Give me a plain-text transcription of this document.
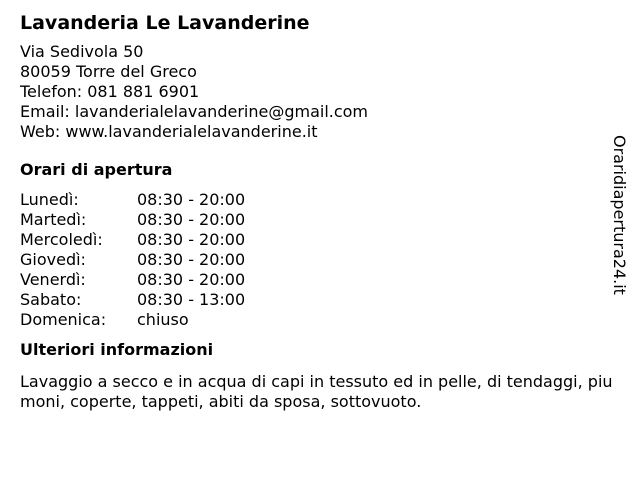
Lavanderia Le Lavanderine
Via Sedivola 50
80059 Torre del Greco
Telefon: 081 881 6901
Email: lavanderialelavanderine@gmail.com
Web: www.lavanderialelavanderine.it
Orari di apertura
Lunedì:	08:30 - 20:00
Martedì:	08:30 - 20:00
Mercoledì:	08:30 - 20:00
Giovedì:	08:30 - 20:00
Venerdì:	08:30 - 20:00
Sabato:	08:30 - 13:00
Domenica:	chiuso
Ulteriori informazioni
Lavaggio a secco e in acqua di capi in tessuto ed in pelle, di tendaggi, piumoni, coperte, tappeti, abiti da sposa, sottovuoto.
Oraridiapertura24.it
